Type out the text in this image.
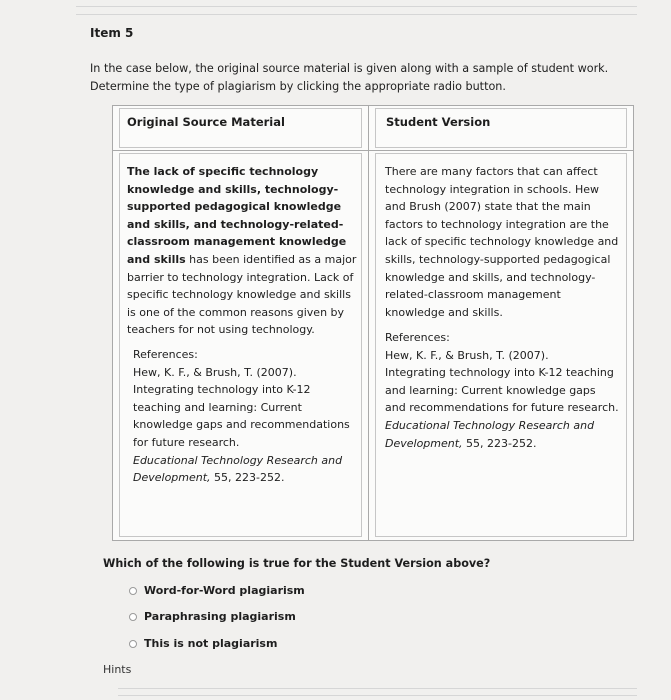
Item 5
In the case below, the original source material is given along with a sample of student work.
Determine the type of plagiarism by clicking the appropriate radio button.
Original Source Material
The lack of specific technology knowledge and skills, technology-supported pedagogical knowledge and skills, and technology-related-classroom management knowledge and skills has been identified as a major barrier to technology integration. Lack of specific technology knowledge and skills is one of the common reasons given by teachers for not using technology.
References:
Hew, K. F., & Brush, T. (2007).
Integrating technology into K-12 teaching and learning: Current knowledge gaps and recommendations for future research.
Educational Technology Research and Development, 55, 223-252.
Student Version
There are many factors that can affect technology integration in schools. Hew and Brush (2007) state that the main factors to technology integration are the lack of specific technology knowledge and skills, technology-supported pedagogical knowledge and skills, and technology-related-classroom management knowledge and skills.
References:
Hew, K. F., & Brush, T. (2007).
Integrating technology into K-12 teaching and learning: Current knowledge gaps and recommendations for future research.
Educational Technology Research and Development, 55, 223-252.
Which of the following is true for the Student Version above?
Word-for-Word plagiarism
Paraphrasing plagiarism
This is not plagiarism
Hints
